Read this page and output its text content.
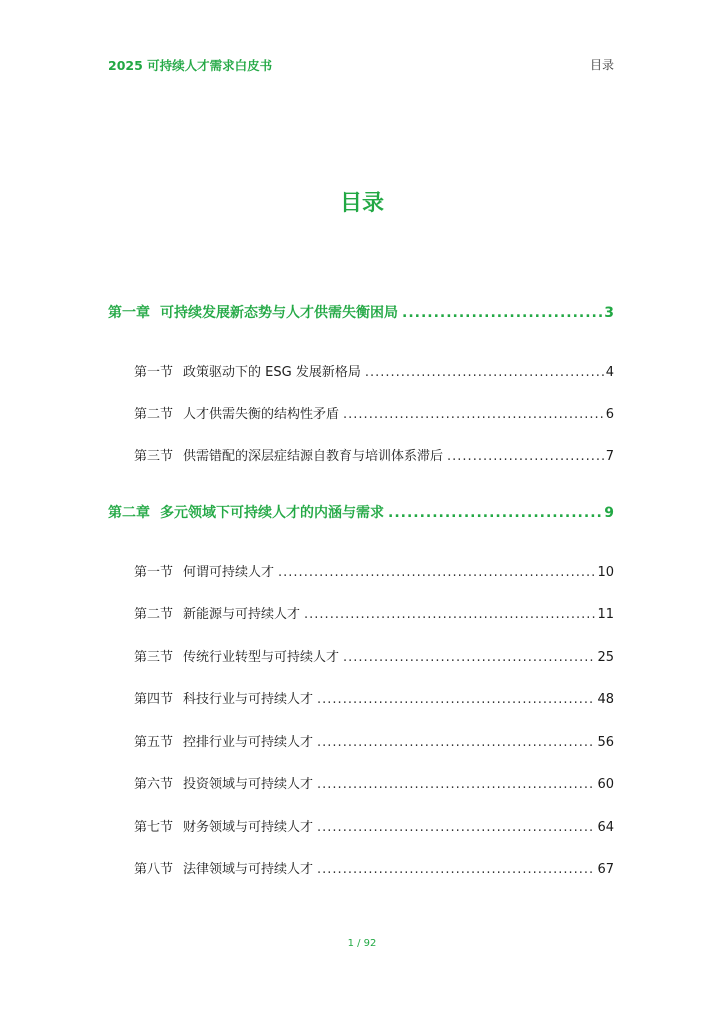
2025 可持续人才需求白皮书	目录
目录
第一章 可持续发展新态势与人才供需失衡困局 .....	3
第一节 政策驱动下的 ESG 发展新格局 .....	4
第二节 人才供需失衡的结构性矛盾 .....	6
第三节 供需错配的深层症结源自教育与培训体系滞后 .....	7
第二章 多元领域下可持续人才的内涵与需求 .....	9
第一节 何谓可持续人才 .....	10
第二节 新能源与可持续人才 .....	11
第三节 传统行业转型与可持续人才 .....	25
第四节 科技行业与可持续人才 .....	48
第五节 控排行业与可持续人才 .....	56
第六节 投资领域与可持续人才 .....	60
第七节 财务领域与可持续人才 .....	64
第八节 法律领域与可持续人才 .....	67
1 / 92
